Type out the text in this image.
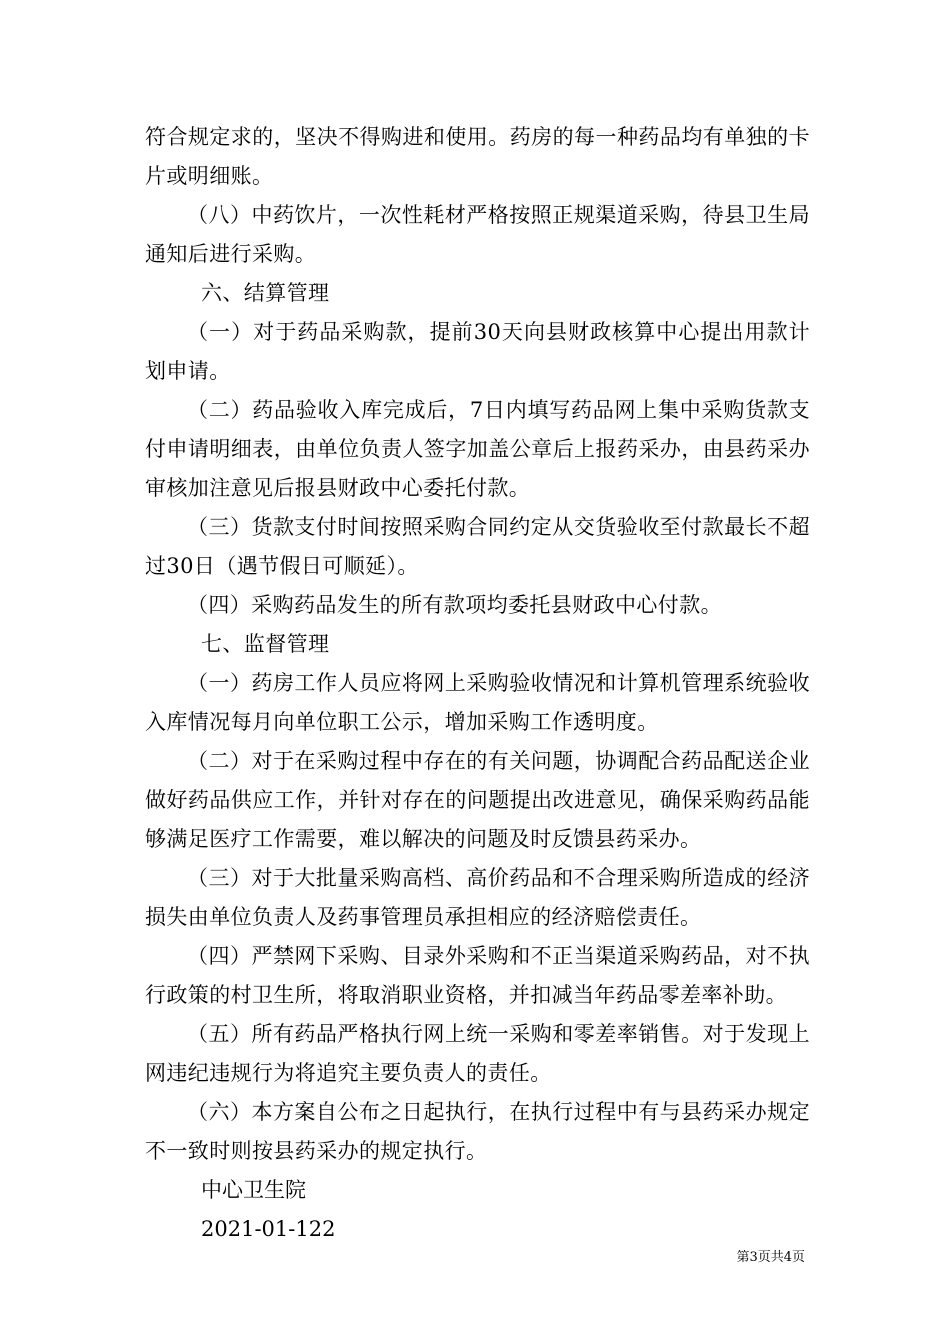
符合规定求的，坚决不得购进和使用。药房的每一种药品均有单独的卡片或明细账。

（八）中药饮片，一次性耗材严格按照正规渠道采购，待县卫生局通知后进行采购。

六、结算管理

（一）对于药品采购款，提前30天向县财政核算中心提出用款计划申请。

（二）药品验收入库完成后，7日内填写药品网上集中采购货款支付申请明细表，由单位负责人签字加盖公章后上报药采办，由县药采办审核加注意见后报县财政中心委托付款。

（三）货款支付时间按照采购合同约定从交货验收至付款最长不超过30日（遇节假日可顺延）。

（四）采购药品发生的所有款项均委托县财政中心付款。

七、监督管理

（一）药房工作人员应将网上采购验收情况和计算机管理系统验收入库情况每月向单位职工公示，增加采购工作透明度。

（二）对于在采购过程中存在的有关问题，协调配合药品配送企业做好药品供应工作，并针对存在的问题提出改进意见，确保采购药品能够满足医疗工作需要，难以解决的问题及时反馈县药采办。

（三）对于大批量采购高档、高价药品和不合理采购所造成的经济损失由单位负责人及药事管理员承担相应的经济赔偿责任。

（四）严禁网下采购、目录外采购和不正当渠道采购药品，对不执行政策的村卫生所，将取消职业资格，并扣减当年药品零差率补助。

（五）所有药品严格执行网上统一采购和零差率销售。对于发现上网违纪违规行为将追究主要负责人的责任。

（六）本方案自公布之日起执行，在执行过程中有与县药采办规定不一致时则按县药采办的规定执行。

中心卫生院

2021-01-122

第3页共4页
